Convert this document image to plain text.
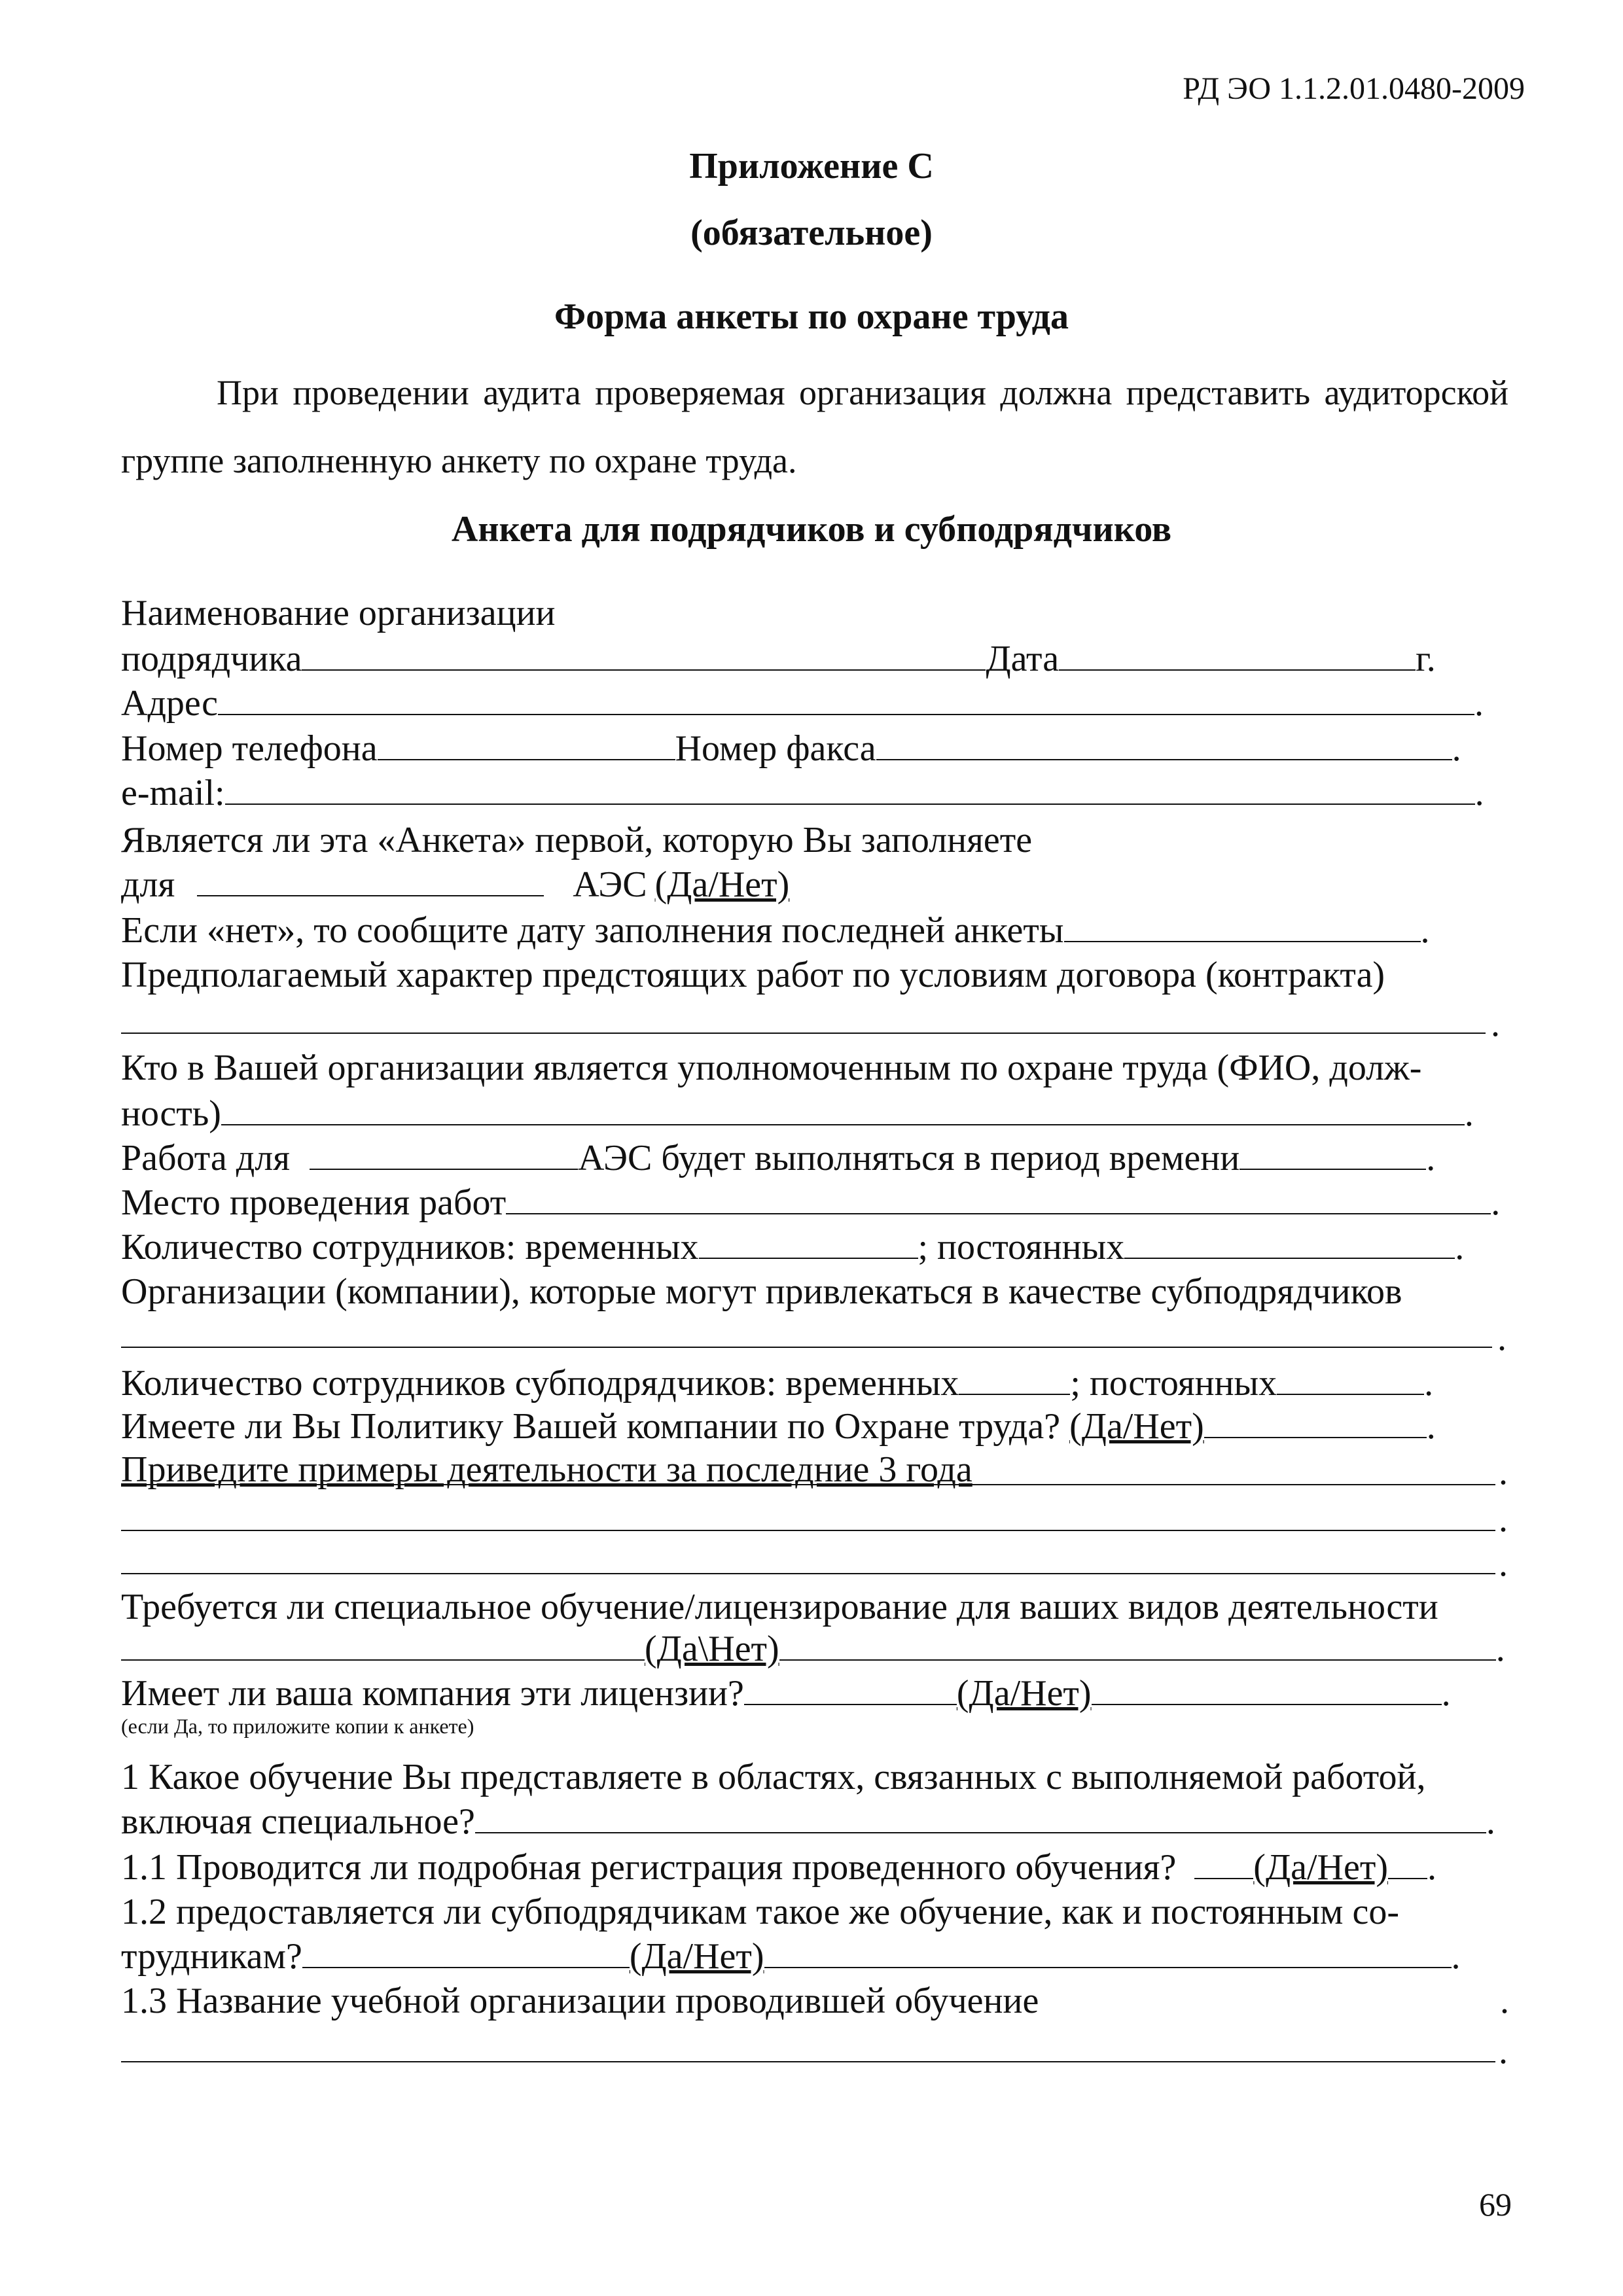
РД ЭО 1.1.2.01.0480-2009
Приложение С
(обязательное)
Форма анкеты по охране труда
При проведении аудита проверяемая организация должна представить аудиторской группе заполненную анкету по охране труда.
Анкета для подрядчиков и субподрядчиков
Наименование организации
подрядчика	Дата	г.
Адрес	.
Номер телефона	Номер факса	.
e-mail:	.
Является ли эта «Анкета» первой, которую Вы заполняете
для	АЭС (Да/Нет)
Если «нет», то сообщите дату заполнения последней анкеты	.
Предполагаемый характер предстоящих работ по условиям договора (контракта)
.
Кто в Вашей организации является уполномоченным по охране труда (ФИО, долж-
ность)	.
Работа для	АЭС будет выполняться в период времени	.
Место проведения работ	.
Количество сотрудников: временных	; постоянных	.
Организации (компании), которые могут привлекаться в качестве субподрядчиков
.
Количество сотрудников субподрядчиков: временных	; постоянных	.
Имеете ли Вы Политику Вашей компании по Охране труда? (Да/Нет)	.
Приведите примеры деятельности за последние 3 года	.
.
.
Требуется ли специальное обучение/лицензирование для ваших видов деятельности
(Да\Нет)	.
Имеет ли ваша компания эти лицензии?	(Да/Нет)	.
(если Да, то приложите копии к анкете)
1 Какое обучение Вы представляете в областях, связанных с выполняемой работой,
включая специальное?	.
1.1 Проводится ли подробная регистрация проведенного обучения? (Да/Нет) .
1.2 предоставляется ли субподрядчикам такое же обучение, как и постоянным со-
трудникам?	(Да/Нет)	.
1.3 Название учебной организации проводившей обучение	.
.
69
